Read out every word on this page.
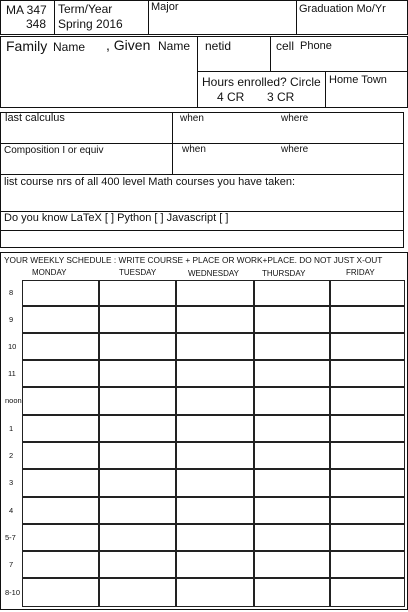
MA 347
348
Term/Year
Spring 2016
Major	Graduation Mo/Yr
Family Name , Given Name netid	cell Phone
Hours enrolled? Circle
4 CR 3 CR
Home Town
last calculus	when	where
Composition I or equiv	when	where
list course nrs of all 400 level Math courses you have taken:
Do you know LaTeX [ ] Python [ ] Javascript [ ]
YOUR WEEKLY SCHEDULE : WRITE COURSE + PLACE OR WORK+PLACE. DO NOT JUST X-OUT
MONDAY	TUESDAY	WEDNESDAY	THURSDAY	FRIDAY
8
9
10
11
noon
1
2
3
4
5-7
7
8-10
